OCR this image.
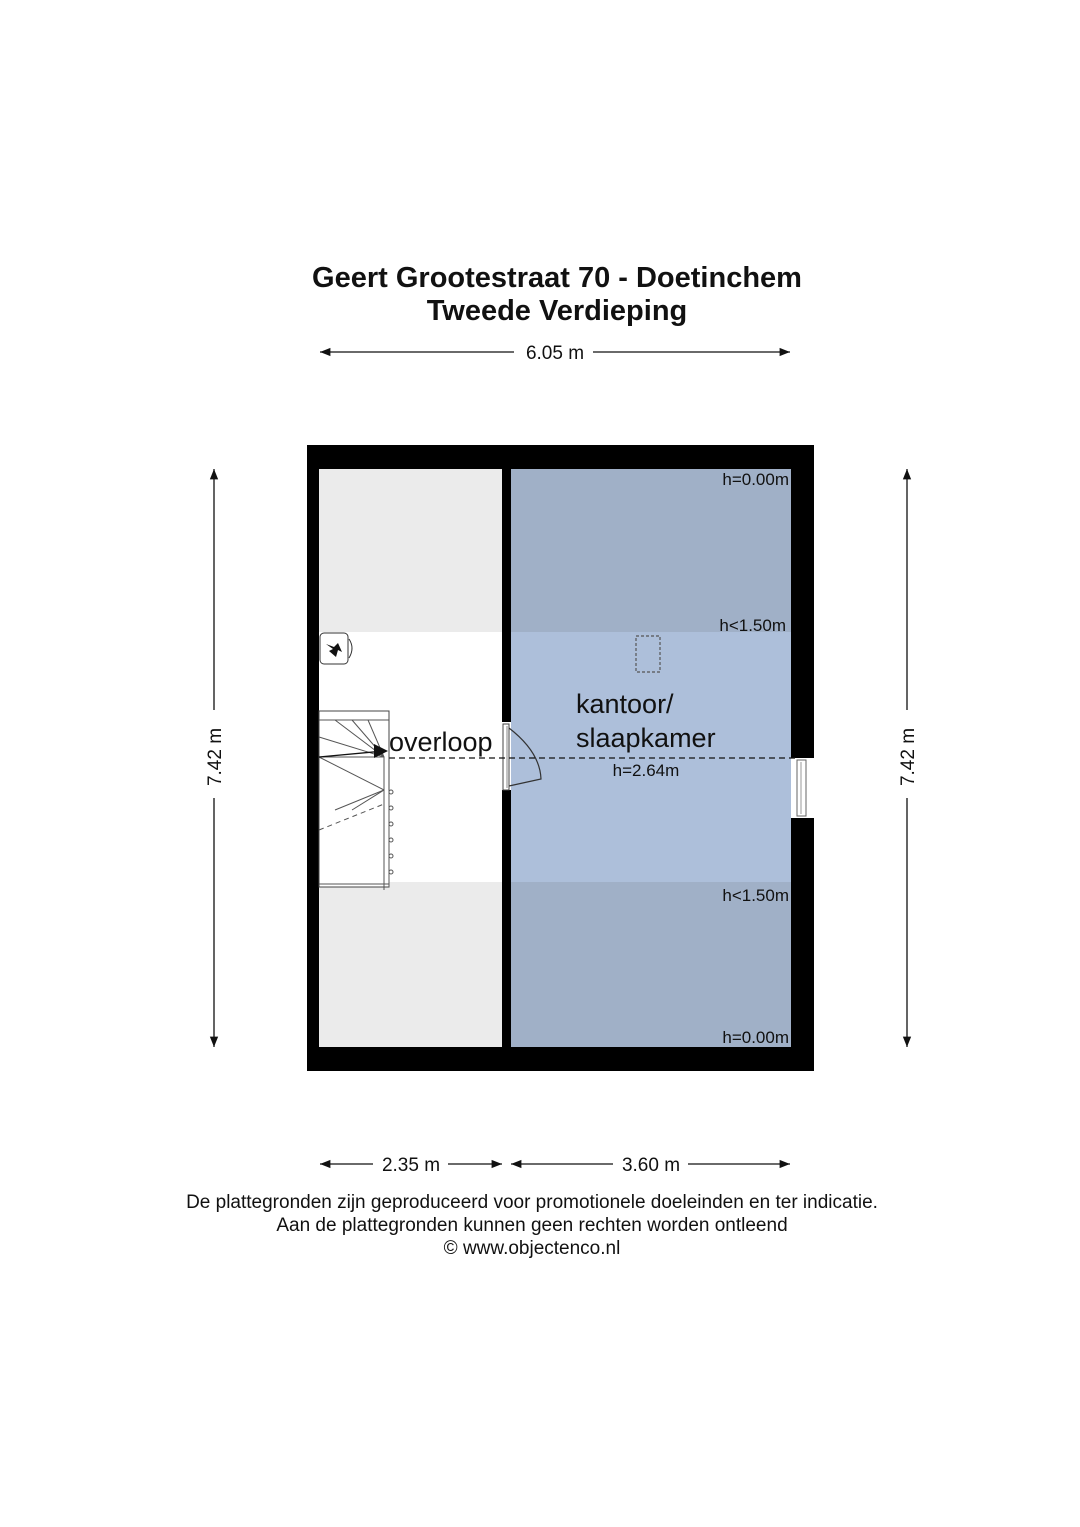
Geert Grootestraat 70 - Doetinchem
Tweede Verdieping
6.05 m
7.42 m	7.42 m
overloop
kantoor/
slaapkamer
h=0.00m
h<1.50m
h=2.64m
h<1.50m
h=0.00m
2.35 m	3.60 m
De plattegronden zijn geproduceerd voor promotionele doeleinden en ter indicatie.
Aan de plattegronden kunnen geen rechten worden ontleend
© www.objectenco.nl
